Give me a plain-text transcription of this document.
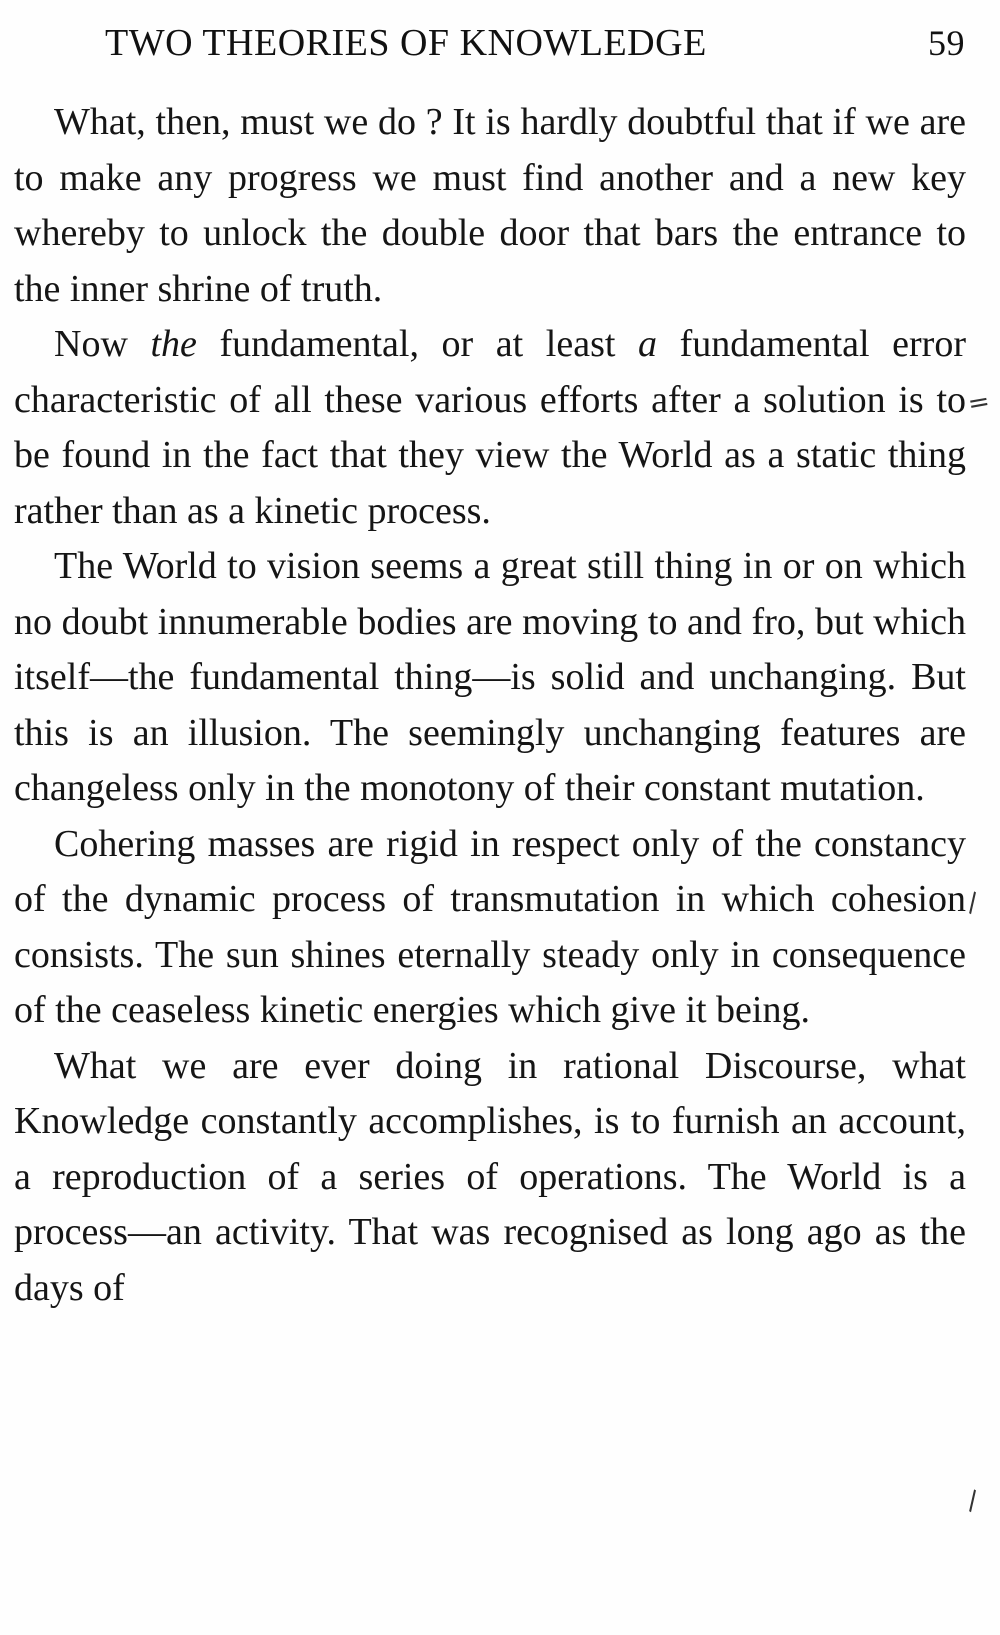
TWO THEORIES OF KNOWLEDGE	59

What, then, must we do ? It is hardly doubtful that if we are to make any progress we must find another and a new key whereby to unlock the double door that bars the entrance to the inner shrine of truth.

Now the fundamental, or at least a fundamental error characteristic of all these various efforts after a solution is to be found in the fact that they view the World as a static thing rather than as a kinetic process.

The World to vision seems a great still thing in or on which no doubt innumerable bodies are moving to and fro, but which itself—the fundamental thing—is solid and unchanging. But this is an illusion. The seemingly unchanging features are changeless only in the monotony of their constant mutation.

Cohering masses are rigid in respect only of the constancy of the dynamic process of transmutation in which cohesion consists. The sun shines eternally steady only in consequence of the ceaseless kinetic energies which give it being.

What we are ever doing in rational Discourse, what Knowledge constantly accomplishes, is to furnish an account, a reproduction of a series of operations. The World is a process—an activity. That was recognised as long ago as the days of

=
\
\
